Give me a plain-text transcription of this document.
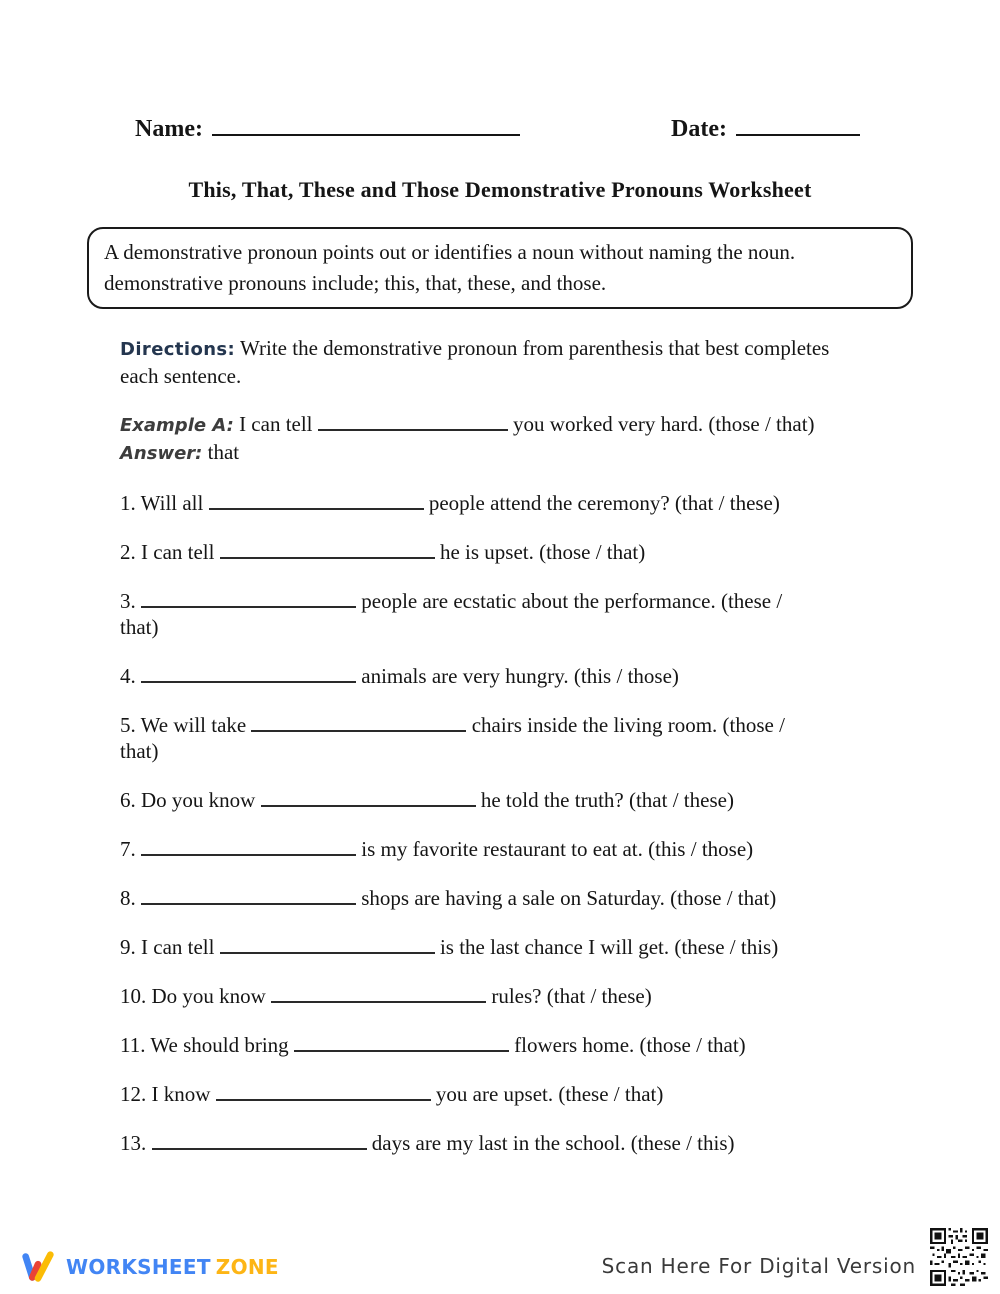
Name:	Date:
This, That, These and Those Demonstrative Pronouns Worksheet
A demonstrative pronoun points out or identifies a noun without naming the noun.
demonstrative pronouns include; this, that, these, and those.

Directions: Write the demonstrative pronoun from parenthesis that best completes each sentence.

Example A: I can tell	you worked very hard. (those / that)
Answer: that

1. Will all	people attend the ceremony? (that / these)

2. I can tell	he is upset. (those / that)

3.	people are ecstatic about the performance. (these /
that)

4.	animals are very hungry. (this / those)

5. We will take	chairs inside the living room. (those /
that)

6. Do you know	he told the truth? (that / these)

7.	is my favorite restaurant to eat at. (this / those)

8.	shops are having a sale on Saturday. (those / that)

9. I can tell	is the last chance I will get. (these / this)

10. Do you know	rules? (that / these)

11. We should bring	flowers home. (those / that)

12. I know	you are upset. (these / that)

13.	days are my last in the school. (these / this)

WORKSHEET ZONE	Scan Here For Digital Version
